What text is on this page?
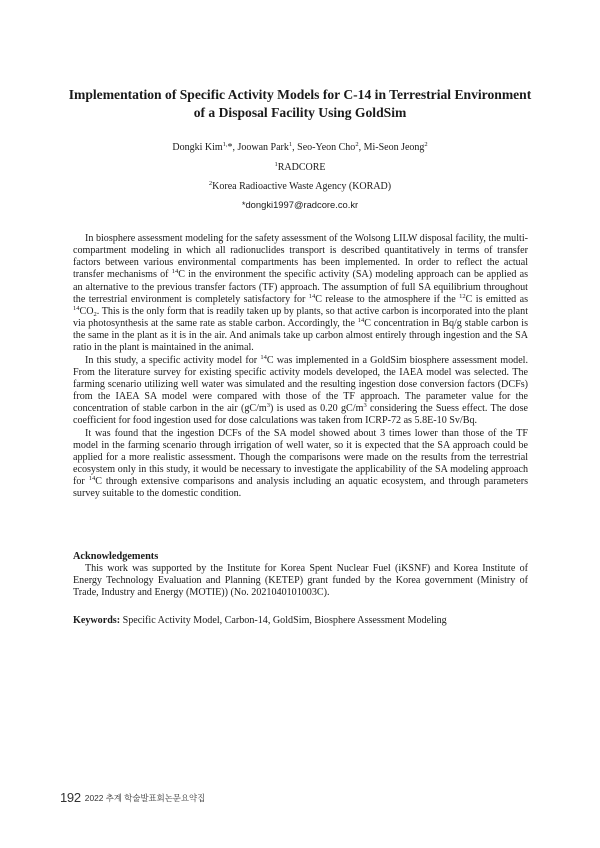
Implementation of Specific Activity Models for C-14 in Terrestrial Environment
of a Disposal Facility Using GoldSim
Dongki Kim$^{1,}$*, Joowan Park$^1$, Seo-Yeon Cho$^2$, Mi-Seon Jeong$^2$
$^1$RADCORE
$^2$Korea Radioactive Waste Agency (KORAD)
*dongki1997@radcore.co.kr

In biosphere assessment modeling for the safety assessment of the Wolsong LILW disposal facility, the multi-compartment modeling in which all radionuclides transport is described quantitatively in terms of transfer factors between various environmental compartments has been implemented. In order to reflect the actual transfer mechanisms of $^{14}$C in the environment the specific activity (SA) modeling approach can be applied as an alternative to the previous transfer factors (TF) approach. The assumption of full SA equilibrium throughout the terrestrial environment is completely satisfactory for $^{14}$C release to the atmosphere if the $^{12}$C is emitted as $^{14}CO_2$. This is the only form that is readily taken up by plants, so that active carbon is incorporated into the plant via photosynthesis at the same rate as stable carbon. Accordingly, the $^{14}$C concentration in Bq/g stable carbon is the same in the plant as it is in the air. And animals take up carbon almost entirely through ingestion and the SA ratio in the plant is maintained in the animal.

In this study, a specific activity model for $^{14}$C was implemented in a GoldSim biosphere assessment model. From the literature survey for existing specific activity models developed, the IAEA model was selected. The farming scenario utilizing well water was simulated and the resulting ingestion dose conversion factors (DCFs) from the IAEA SA model were compared with those of the TF approach. The parameter value for the concentration of stable carbon in the air $(gC/m^3)$ is used as 0.20 $gC/m^3$ considering the Suess effect. The dose coefficient for food ingestion used for dose calculations was taken from ICRP-72 as 5.8E-10 Sv/Bq.

It was found that the ingestion DCFs of the SA model showed about 3 times lower than those of the TF model in the farming scenario through irrigation of well water, so it is expected that the SA approach could be applied for a more realistic assessment. Though the comparisons were made on the results from the terrestrial ecosystem only in this study, it would be necessary to investigate the applicability of the SA modeling approach for $^{14}$C through extensive comparisons and analysis including an aquatic ecosystem, and through parameters survey suitable to the domestic condition.

Acknowledgements

This work was supported by the Institute for Korea Spent Nuclear Fuel (iKSNF) and Korea Institute of Energy Technology Evaluation and Planning (KETEP) grant funded by the Korea government (Ministry of Trade, Industry and Energy (MOTIE)) (No. 2021040101003C).

Keywords: Specific Activity Model, Carbon-14, GoldSim, Biosphere Assessment Modeling
192 2022 추계 학술발표회논문요약집
